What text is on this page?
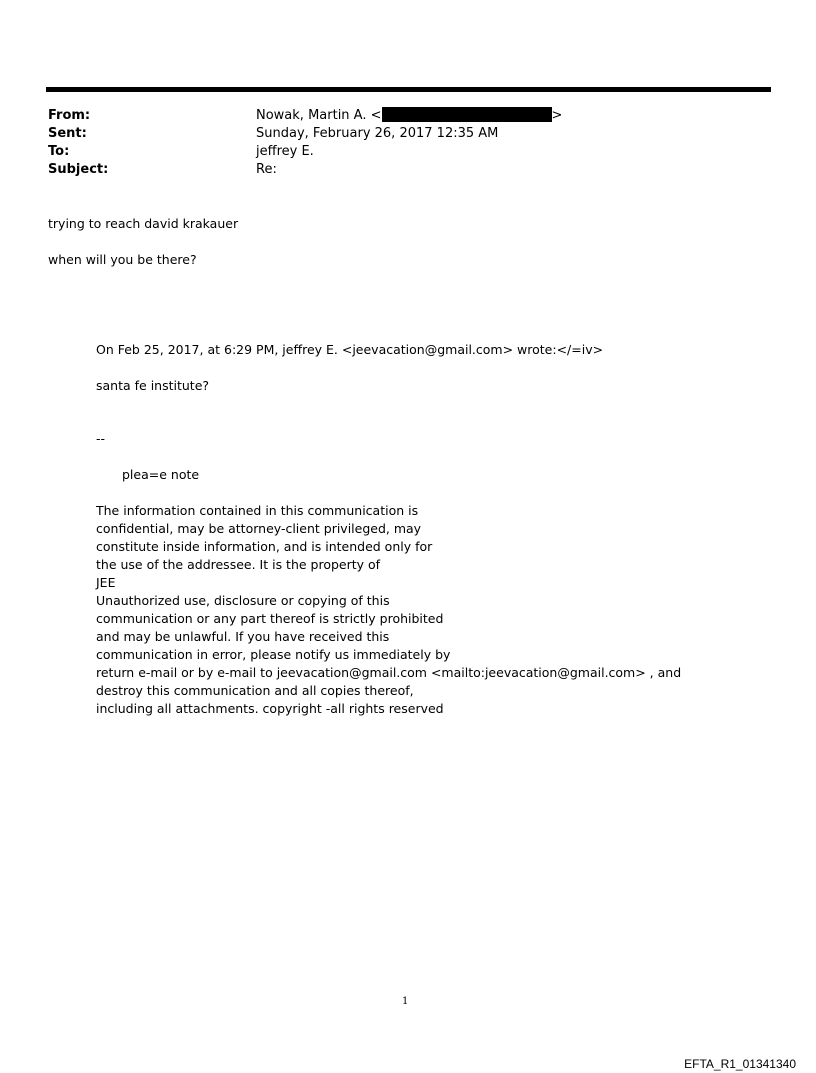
From:	Nowak, Martin A. <	>
Sent:	Sunday, February 26, 2017 12:35 AM
To:	jeffrey E.
Subject:	Re:
trying to reach david krakauer
when will you be there?
On Feb 25, 2017, at 6:29 PM, jeffrey E. <jeevacation@gmail.com> wrote:</=iv>
santa fe institute?
--
plea=e note
The information contained in this communication is
confidential, may be attorney-client privileged, may
constitute inside information, and is intended only for
the use of the addressee. It is the property of
JEE
Unauthorized use, disclosure or copying of this
communication or any part thereof is strictly prohibited
and may be unlawful. If you have received this
communication in error, please notify us immediately by
return e-mail or by e-mail to jeevacation@gmail.com <mailto:jeevacation@gmail.com> , and
destroy this communication and all copies thereof,
including all attachments. copyright -all rights reserved
1
EFTA_R1_01341340
